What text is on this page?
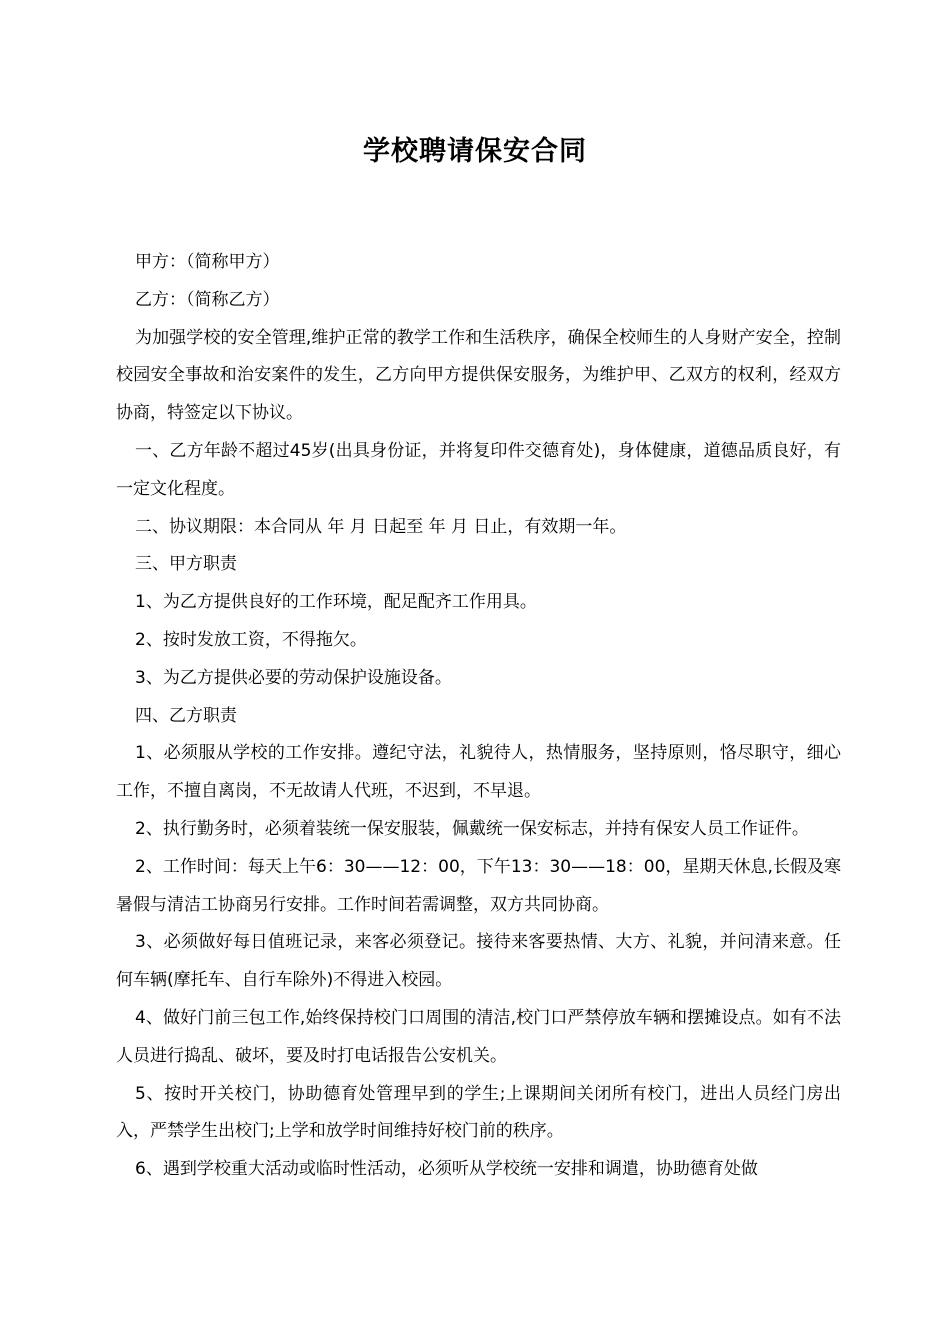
学校聘请保安合同

甲方：（简称甲方）

乙方：（简称乙方）

为加强学校的安全管理,维护正常的教学工作和生活秩序，确保全校师生的人身财产安全，控制校园安全事故和治安案件的发生，乙方向甲方提供保安服务，为维护甲、乙双方的权利，经双方协商，特签定以下协议。

一、乙方年龄不超过45岁(出具身份证，并将复印件交德育处)，身体健康，道德品质良好，有一定文化程度。

二、协议期限：本合同从 年 月 日起至 年 月 日止，有效期一年。

三、甲方职责

1、为乙方提供良好的工作环境，配足配齐工作用具。

2、按时发放工资，不得拖欠。

3、为乙方提供必要的劳动保护设施设备。

四、乙方职责

1、必须服从学校的工作安排。遵纪守法，礼貌待人，热情服务，坚持原则，恪尽职守，细心工作，不擅自离岗，不无故请人代班，不迟到，不早退。

2、执行勤务时，必须着装统一保安服装，佩戴统一保安标志，并持有保安人员工作证件。

2、工作时间：每天上午6：30——12：00，下午13：30——18：00，星期天休息,长假及寒暑假与清洁工协商另行安排。工作时间若需调整，双方共同协商。

3、必须做好每日值班记录，来客必须登记。接待来客要热情、大方、礼貌，并问清来意。任何车辆(摩托车、自行车除外)不得进入校园。

4、做好门前三包工作,始终保持校门口周围的清洁,校门口严禁停放车辆和摆摊设点。如有不法人员进行捣乱、破坏，要及时打电话报告公安机关。

5、按时开关校门，协助德育处管理早到的学生;上课期间关闭所有校门，进出人员经门房出入，严禁学生出校门;上学和放学时间维持好校门前的秩序。

6、遇到学校重大活动或临时性活动，必须听从学校统一安排和调遣，协助德育处做
